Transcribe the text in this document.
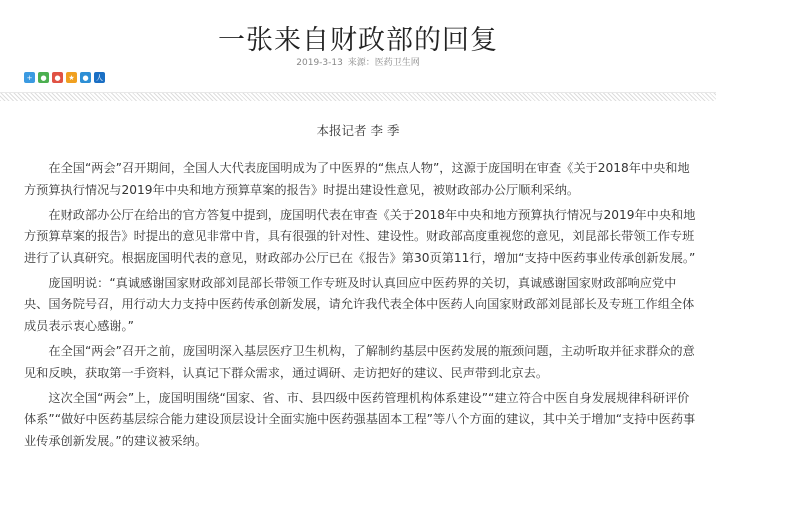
一张来自财政部的回复
2019-3-13 来源：医药卫生网
+ ● ● ★ ● 人
本报记者 李 季

在全国“两会”召开期间，全国人大代表庞国明成为了中医界的“焦点人物”，这源于庞国明在审查《关于2018年中央和地方预算执行情况与2019年中央和地方预算草案的报告》时提出建设性意见，被财政部办公厅顺利采纳。

在财政部办公厅在给出的官方答复中提到，庞国明代表在审查《关于2018年中央和地方预算执行情况与2019年中央和地方预算草案的报告》时提出的意见非常中肯，具有很强的针对性、建设性。财政部高度重视您的意见，刘昆部长带领工作专班进行了认真研究。根据庞国明代表的意见，财政部办公厅已在《报告》第30页第11行，增加“支持中医药事业传承创新发展。”

庞国明说：“真诚感谢国家财政部刘昆部长带领工作专班及时认真回应中医药界的关切，真诚感谢国家财政部响应党中央、国务院号召，用行动大力支持中医药传承创新发展，请允许我代表全体中医药人向国家财政部刘昆部长及专班工作组全体成员表示衷心感谢。”

在全国“两会”召开之前，庞国明深入基层医疗卫生机构，了解制约基层中医药发展的瓶颈问题，主动听取并征求群众的意见和反映，获取第一手资料，认真记下群众需求，通过调研、走访把好的建议、民声带到北京去。

这次全国“两会”上，庞国明围绕“国家、省、市、县四级中医药管理机构体系建设”“建立符合中医自身发展规律科研评价体系”“做好中医药基层综合能力建设顶层设计全面实施中医药强基固本工程”等八个方面的建议，其中关于增加“支持中医药事业传承创新发展。”的建议被采纳。
